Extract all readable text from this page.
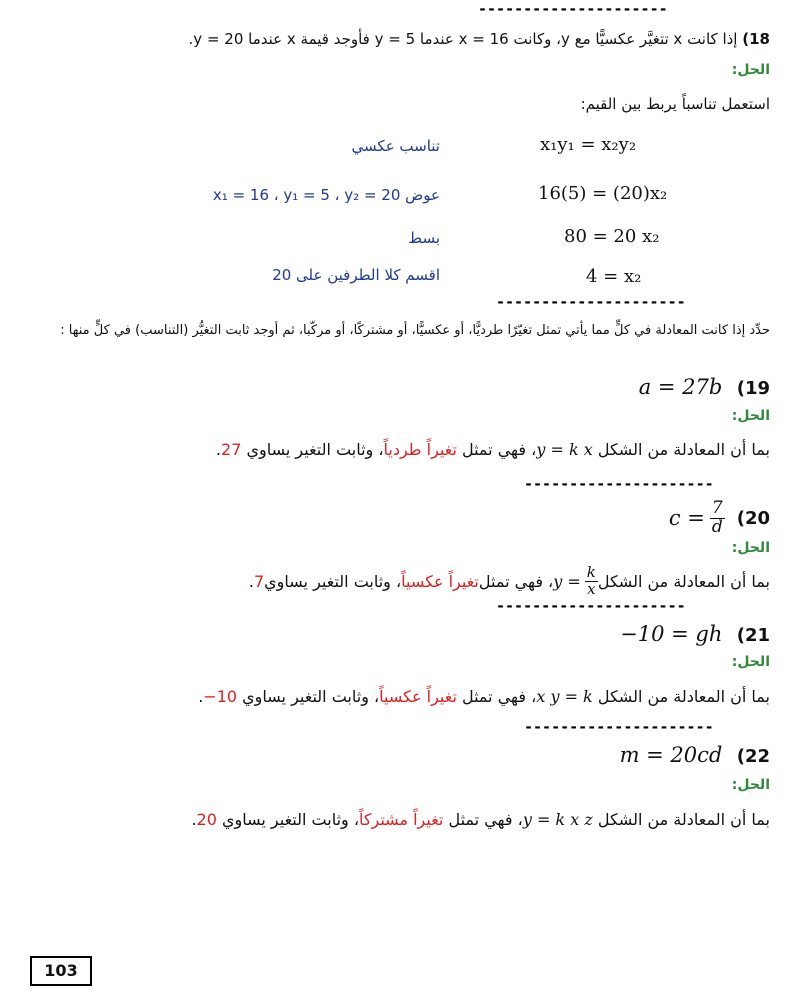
---------------------
18) إذا كانت x تتغيَّر عكسيًّا مع y، وكانت x = 16 عندما y = 5 فأوجد قيمة x عندما y = 20.
الحل:
استعمل تناسباً يربط بين القيم:
x₁y₁ = x₂y₂
تناسب عكسي
16(5) = (20)x₂
عوض x₁ = 16 ، y₁ = 5 ، y₂ = 20
80 = 20 x₂
بسط
4 = x₂
اقسم كلا الطرفين على 20
---------------------
حدِّد إذا كانت المعادلة في كلٍّ مما يأتي تمثل تغيّرًا طرديًّا، أو عكسيًّا، أو مشتركًا، أو مركّبا، ثم أوجد ثابت التغيُّر (التناسب) في كلٍّ منها :
a = 27b (19
الحل:
بما أن المعادلة من الشكل y = k x، فهي تمثل تغيراً طردياً، وثابت التغير يساوي 27.
---------------------
$c = \frac{7}{d} (20$
الحل:
بما أن المعادلة من الشكل
$y = \frac{k}{x}$
، فهي تمثل
تغيراً عكسياً
، وثابت التغير يساوي
7
.
---------------------
−10 = gh (21
الحل:
بما أن المعادلة من الشكل x y = k، فهي تمثل تغيراً عكسياً، وثابت التغير يساوي 10−.
---------------------
m = 20cd (22
الحل:
بما أن المعادلة من الشكل y = k x z، فهي تمثل تغيراً مشتركاً، وثابت التغير يساوي 20.
103
